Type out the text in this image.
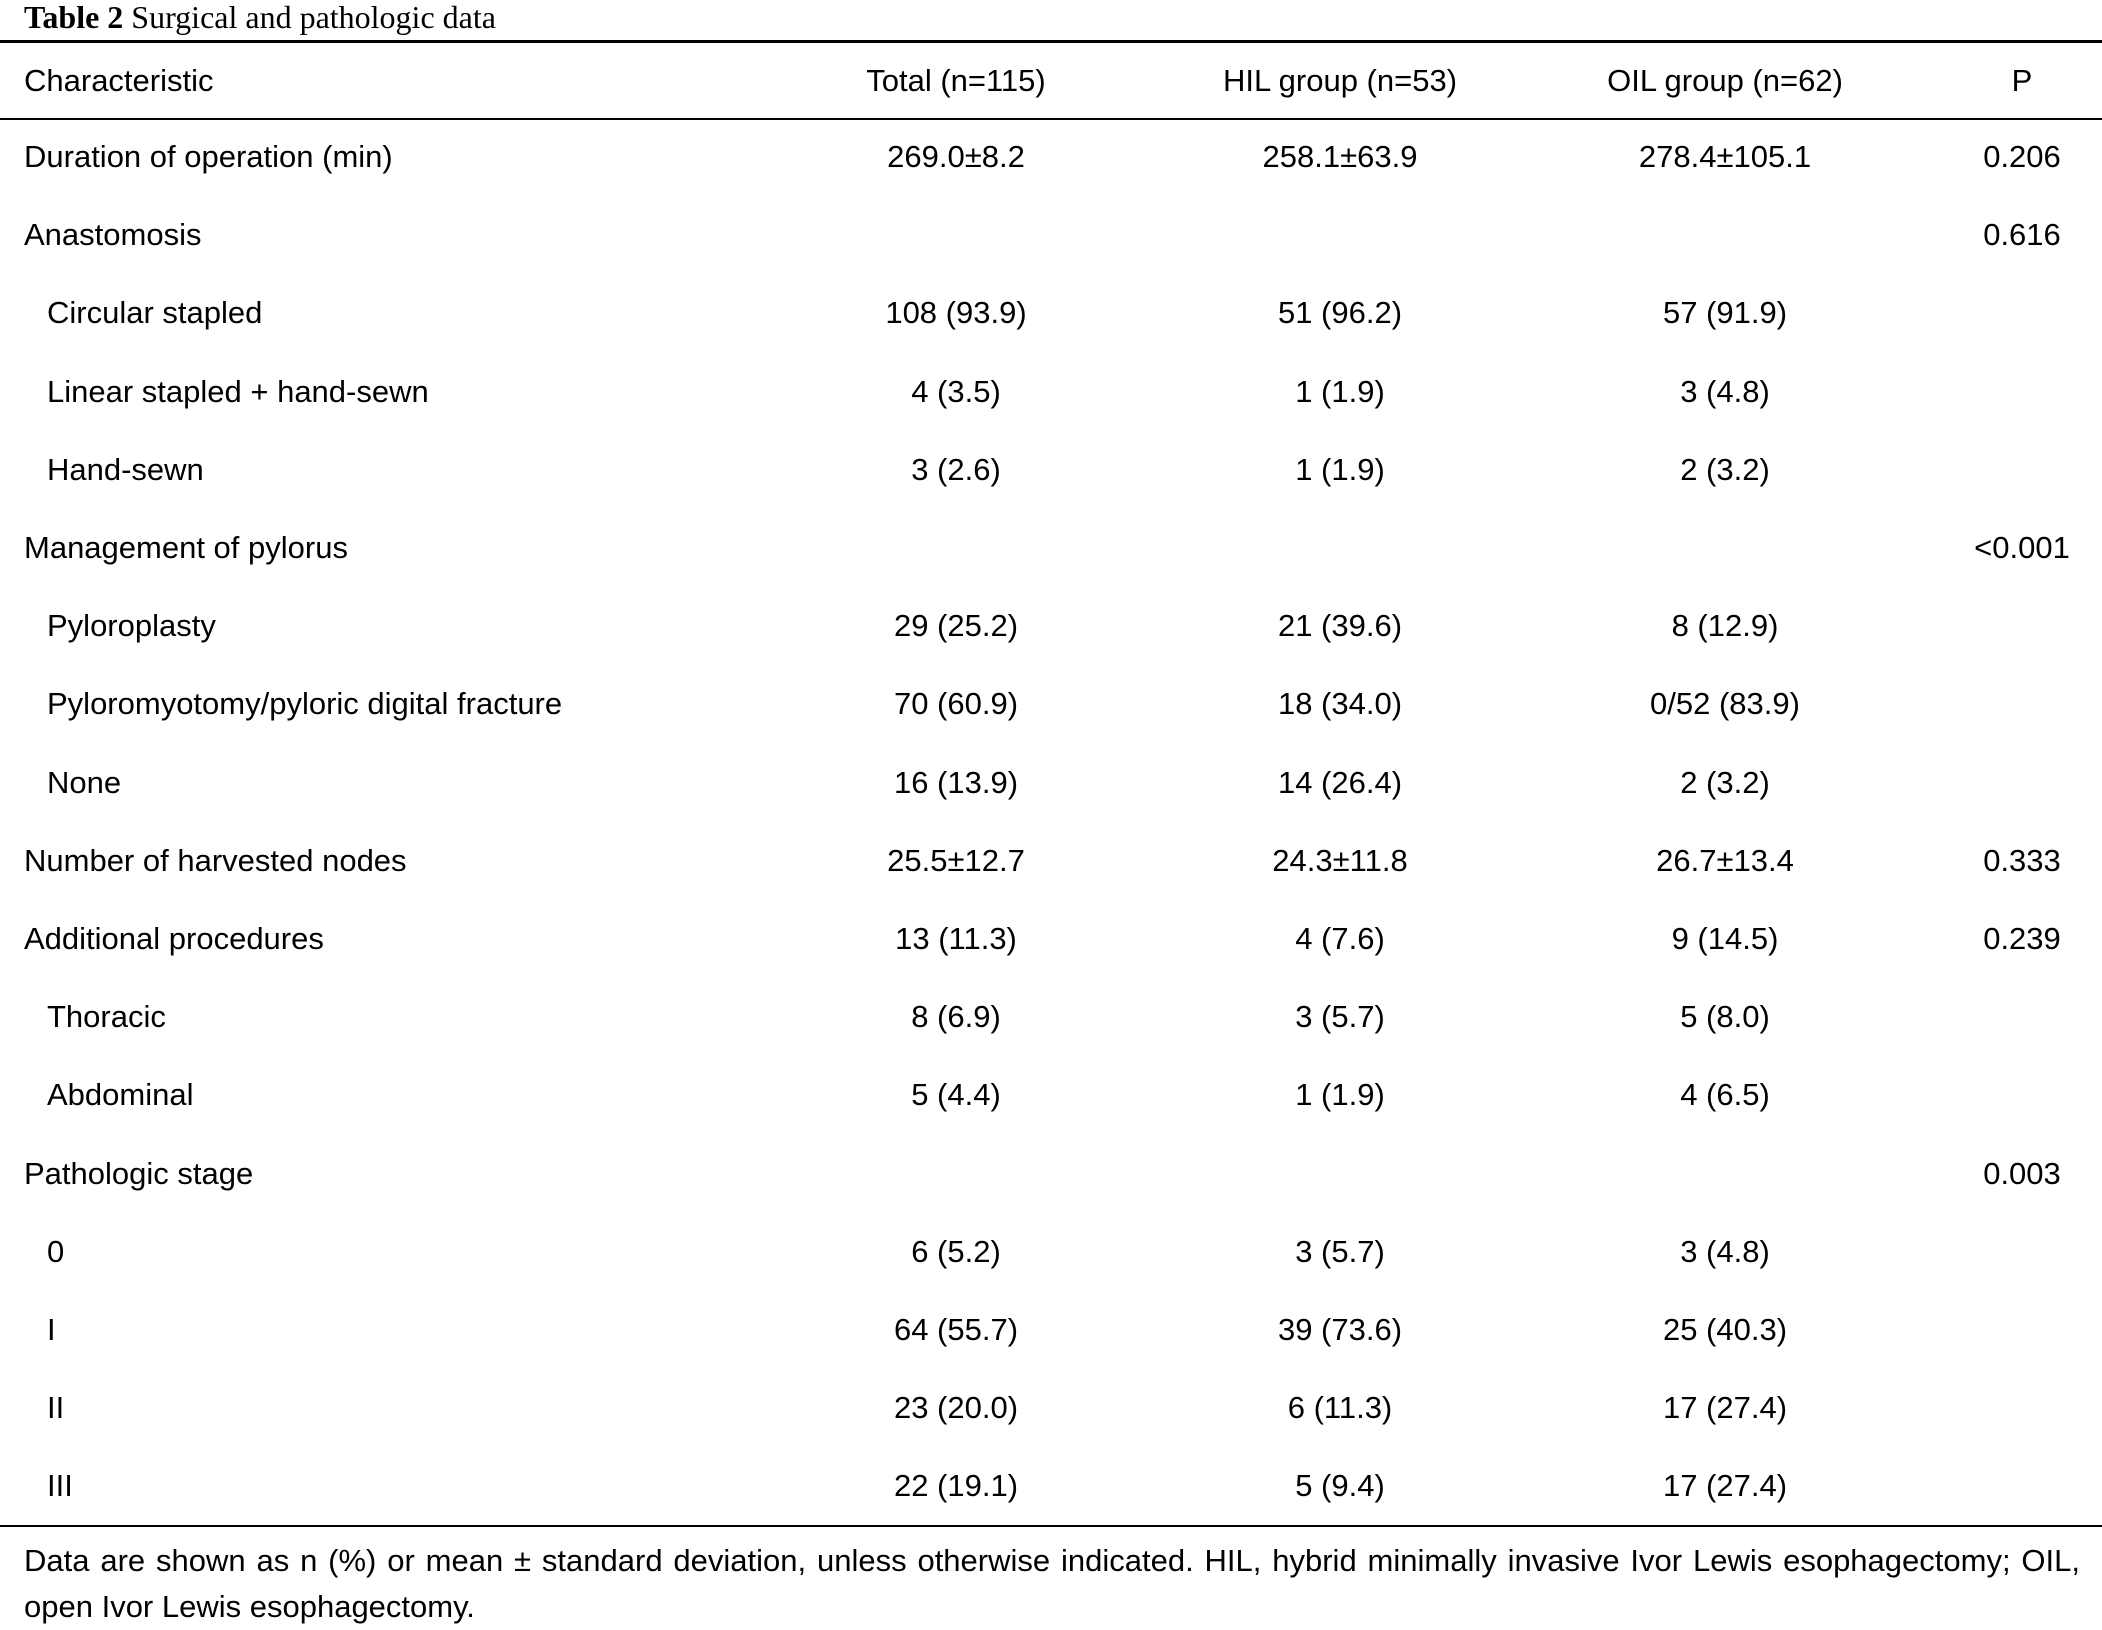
Table 2 Surgical and pathologic data
Characteristic	Total (n=115)	HIL group (n=53)	OIL group (n=62)	P
Duration of operation (min)	269.0±8.2	258.1±63.9	278.4±105.1	0.206
Anastomosis				0.616
Circular stapled	108 (93.9)	51 (96.2)	57 (91.9)	
Linear stapled + hand-sewn	4 (3.5)	1 (1.9)	3 (4.8)	
Hand-sewn	3 (2.6)	1 (1.9)	2 (3.2)	
Management of pylorus				<0.001
Pyloroplasty	29 (25.2)	21 (39.6)	8 (12.9)	
Pyloromyotomy/pyloric digital fracture	70 (60.9)	18 (34.0)	0/52 (83.9)	
None	16 (13.9)	14 (26.4)	2 (3.2)	
Number of harvested nodes	25.5±12.7	24.3±11.8	26.7±13.4	0.333
Additional procedures	13 (11.3)	4 (7.6)	9 (14.5)	0.239
Thoracic	8 (6.9)	3 (5.7)	5 (8.0)	
Abdominal	5 (4.4)	1 (1.9)	4 (6.5)	
Pathologic stage				0.003
0	6 (5.2)	3 (5.7)	3 (4.8)	
I	64 (55.7)	39 (73.6)	25 (40.3)	
II	23 (20.0)	6 (11.3)	17 (27.4)	
III	22 (19.1)	5 (9.4)	17 (27.4)	
Data are shown as n (%) or mean ± standard deviation, unless otherwise indicated. HIL, hybrid minimally invasive Ivor Lewis esophagectomy; OIL, open Ivor Lewis esophagectomy.
